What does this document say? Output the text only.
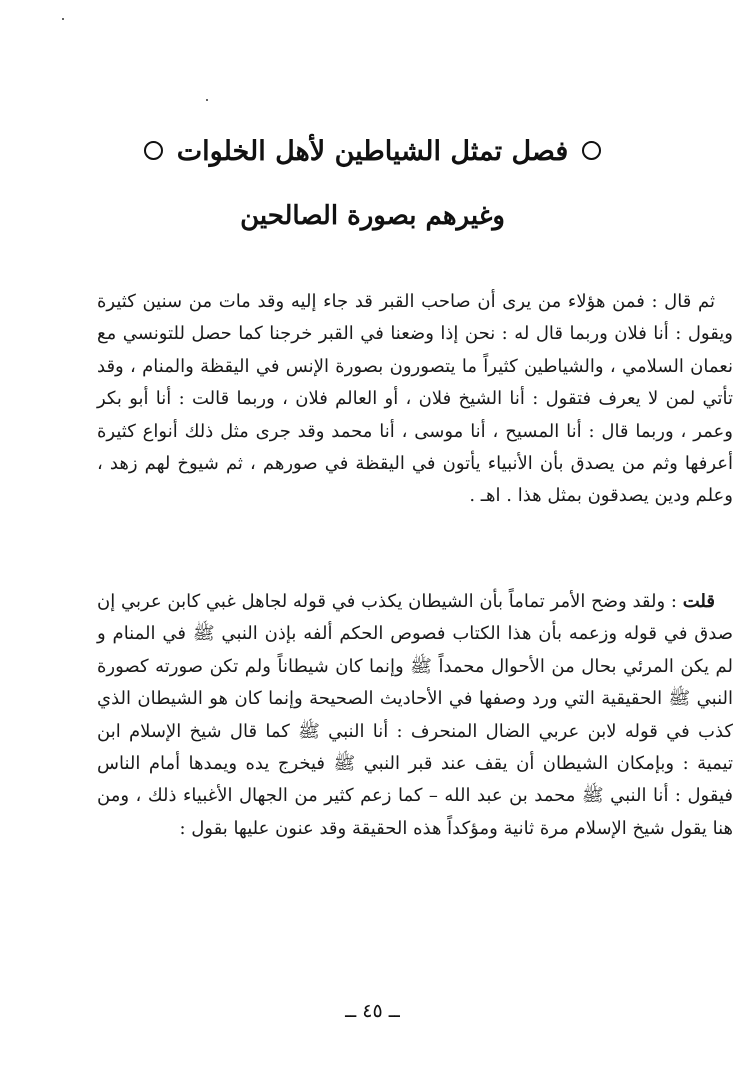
فصل تمثل الشياطين لأهل الخلوات
وغيرهم بصورة الصالحين

ثم قال : فمن هؤلاء من يرى أن صاحب القبر قد جاء إليه وقد مات من سنين كثيرة ويقول : أنا فلان وربما قال له : نحن إذا وضعنا في القبر خرجنا كما حصل للتونسي مع نعمان السلامي ، والشياطين كثيراً ما يتصورون بصورة الإنس في اليقظة والمنام ، وقد تأتي لمن لا يعرف فتقول : أنا الشيخ فلان ، أو العالم فلان ، وربما قالت : أنا أبو بكر وعمر ، وربما قال : أنا المسيح ، أنا موسى ، أنا محمد وقد جرى مثل ذلك أنواع كثيرة أعرفها وثم من يصدق بأن الأنبياء يأتون في اليقظة في صورهم ، ثم شيوخ لهم زهد ، وعلم ودين يصدقون بمثل هذا . اهـ .

قلت : ولقد وضح الأمر تماماً بأن الشيطان يكذب في قوله لجاهل غبي كابن عربي إن صدق في قوله وزعمه بأن هذا الكتاب فصوص الحكم ألفه بإذن النبي ﷺ في المنام و لم يكن المرئي بحال من الأحوال محمداً ﷺ وإنما كان شيطاناً ولم تكن صورته كصورة النبي ﷺ الحقيقية التي ورد وصفها في الأحاديث الصحيحة وإنما كان هو الشيطان الذي كذب في قوله لابن عربي الضال المنحرف : أنا النبي ﷺ كما قال شيخ الإسلام ابن تيمية : وبإمكان الشيطان أن يقف عند قبر النبي ﷺ فيخرج يده ويمدها أمام الناس فيقول : أنا النبي ﷺ محمد بن عبد الله – كما زعم كثير من الجهال الأغبياء ذلك ، ومن هنا يقول شيخ الإسلام مرة ثانية ومؤكداً هذه الحقيقة وقد عنون عليها بقول :

ــ ٤٥ ــ
